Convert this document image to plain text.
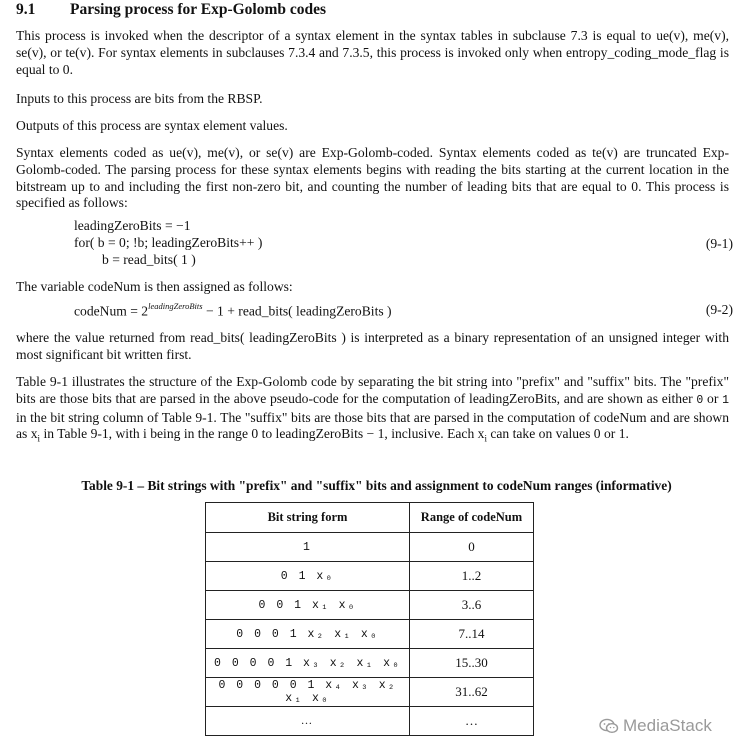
9.1 Parsing process for Exp-Golomb codes

This process is invoked when the descriptor of a syntax element in the syntax tables in subclause 7.3 is equal to ue(v), me(v), se(v), or te(v). For syntax elements in subclauses 7.3.4 and 7.3.5, this process is invoked only when entropy_coding_mode_flag is equal to 0.

Inputs to this process are bits from the RBSP.

Outputs of this process are syntax element values.

Syntax elements coded as ue(v), me(v), or se(v) are Exp-Golomb-coded. Syntax elements coded as te(v) are truncated Exp-Golomb-coded. The parsing process for these syntax elements begins with reading the bits starting at the current location in the bitstream up to and including the first non-zero bit, and counting the number of leading bits that are equal to 0. This process is specified as follows:

leadingZeroBits = −1
for( b = 0; !b; leadingZeroBits++ )
b = read_bits( 1 )
(9-1)

The variable codeNum is then assigned as follows:

codeNum = $2^{leadingZeroBits} - 1$ + read_bits( leadingZeroBits )	(9-2)

where the value returned from read_bits( leadingZeroBits ) is interpreted as a binary representation of an unsigned integer with most significant bit written first.

Table 9-1 illustrates the structure of the Exp-Golomb code by separating the bit string into "prefix" and "suffix" bits. The "prefix" bits are those bits that are parsed in the above pseudo-code for the computation of leadingZeroBits, and are shown as either 0 or 1 in the bit string column of Table 9-1. The "suffix" bits are those bits that are parsed in the computation of codeNum and are shown as $x_i$ in Table 9-1, with i being in the range 0 to leadingZeroBits − 1, inclusive. Each $x_i$ can take on values 0 or 1.

Table 9-1 – Bit strings with "prefix" and "suffix" bits and assignment to codeNum ranges (informative)
Bit string form	Range of codeNum
1	0
0 1 x₀	1..2
0 0 1 x₁ x₀	3..6
0 0 0 1 x₂ x₁ x₀	7..14
0 0 0 0 1 x₃ x₂ x₁ x₀	15..30
0 0 0 0 0 1 x₄ x₃ x₂ x₁ x₀	31..62
…	…	MediaStack
